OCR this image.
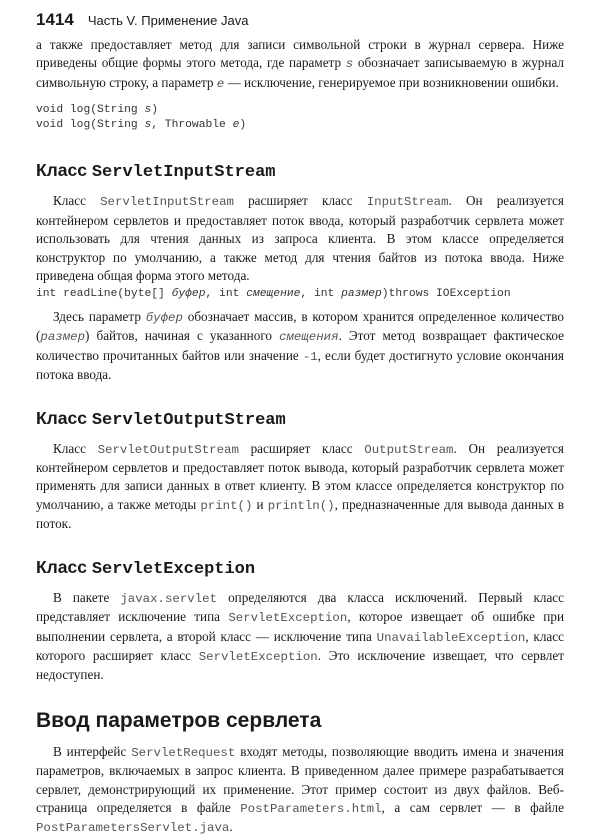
1414 Часть V. Применение Java

а также предоставляет метод для записи символьной строки в журнал сервера. Ниже приведены общие формы этого метода, где параметр s обозначает записываемую в журнал символьную строку, а параметр e — исключение, генерируемое при возникновении ошибки.

void log(String s)
void log(String s, Throwable e)
Класс ServletInputStream

Класс ServletInputStream расширяет класс InputStream. Он реализуется контейнером сервлетов и предоставляет поток ввода, который разработчик сервлета может использовать для чтения данных из запроса клиента. В этом классе определяется конструктор по умолчанию, а также метод для чтения байтов из потока ввода. Ниже приведена общая форма этого метода.

int readLine(byte[] буфер, int смещение, int размер)throws IOException

Здесь параметр буфер обозначает массив, в котором хранится определенное количество (размер) байтов, начиная с указанного смещения. Этот метод возвращает фактическое количество прочитанных байтов или значение -1, если будет достигнуто условие окончания потока ввода.

Класс ServletOutputStream

Класс ServletOutputStream расширяет класс OutputStream. Он реализуется контейнером сервлетов и предоставляет поток вывода, который разработчик сервлета может применять для записи данных в ответ клиенту. В этом классе определяется конструктор по умолчанию, а также методы print() и println(), предназначенные для вывода данных в поток.

Класс ServletException

В пакете javax.servlet определяются два класса исключений. Первый класс представляет исключение типа ServletException, которое извещает об ошибке при выполнении сервлета, а второй класс — исключение типа UnavailableException, класс которого расширяет класс ServletException. Это исключение извещает, что сервлет недоступен.

Ввод параметров сервлета

В интерфейс ServletRequest входят методы, позволяющие вводить имена и значения параметров, включаемых в запрос клиента. В приведенном далее примере разрабатывается сервлет, демонстрирующий их применение. Этот пример состоит из двух файлов. Веб-страница определяется в файле PostParameters.html, а сам сервлет — в файле PostParametersServlet.java.
